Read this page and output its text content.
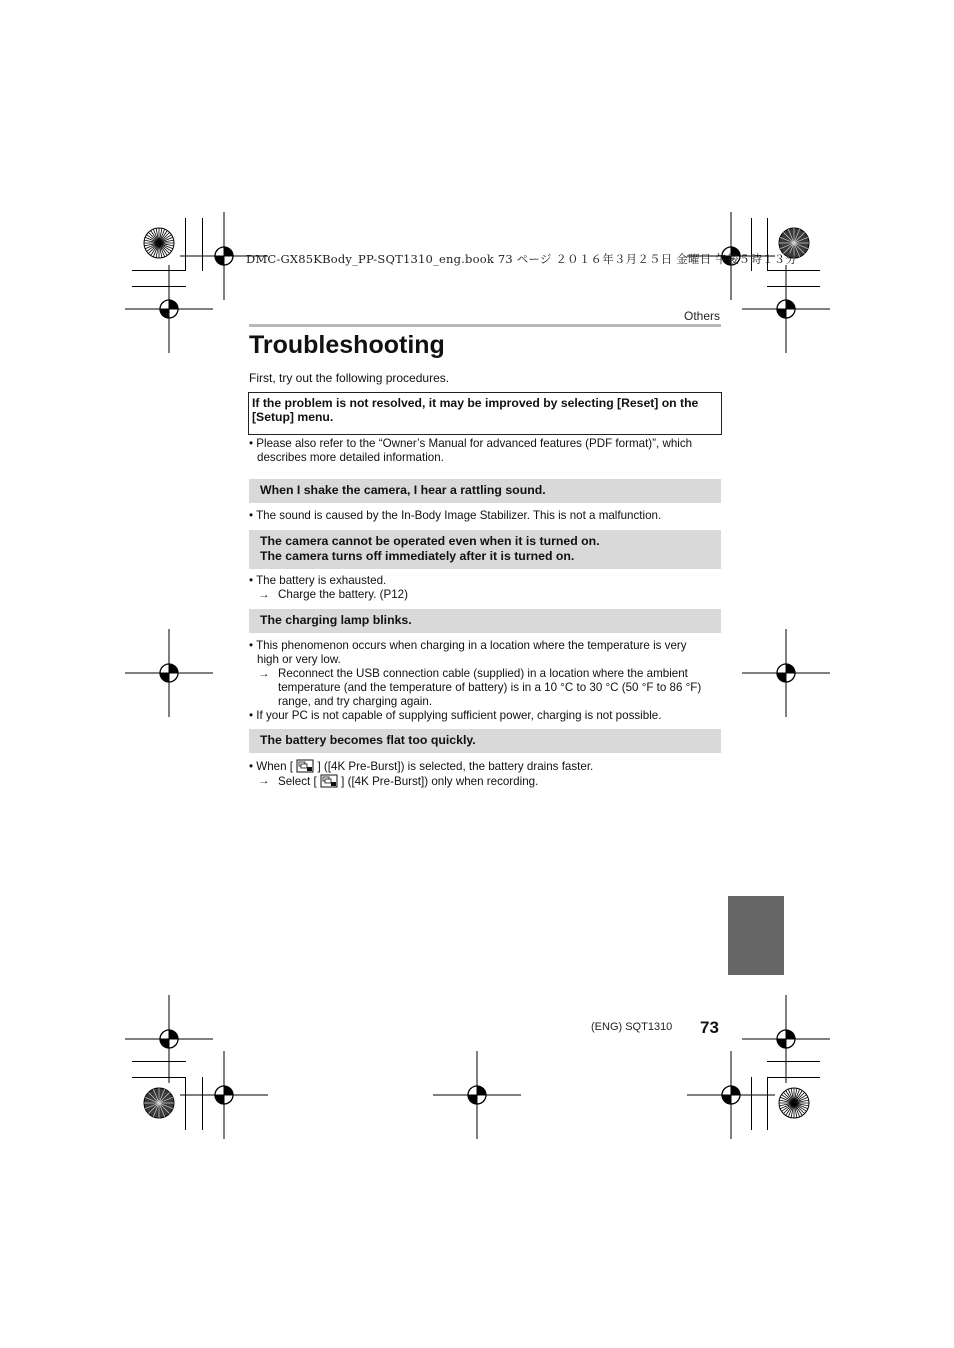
DMC-GX85KBody_PP-SQT1310_eng.book 73 ページ ２０１６年３月２５日 金曜日 午後５時１３分
Others
Troubleshooting
First, try out the following procedures.
If the problem is not resolved, it may be improved by selecting [Reset] on the [Setup] menu.
• Please also refer to the “Owner’s Manual for advanced features (PDF format)”, which
describes more detailed information.
When I shake the camera, I hear a rattling sound.
• The sound is caused by the In-Body Image Stabilizer. This is not a malfunction.
The camera cannot be operated even when it is turned on.
The camera turns off immediately after it is turned on.
• The battery is exhausted.
→ Charge the battery. (P12)
The charging lamp blinks.
• This phenomenon occurs when charging in a location where the temperature is very
high or very low.
→ Reconnect the USB connection cable (supplied) in a location where the ambient
temperature (and the temperature of battery) is in a 10 °C to 30 °C (50 °F to 86 °F)
range, and try charging again.
• If your PC is not capable of supplying sufficient power, charging is not possible.
The battery becomes flat too quickly.
• When [ ] ([4K Pre-Burst]) is selected, the battery drains faster.
→ Select [ ] ([4K Pre-Burst]) only when recording.
(ENG) SQT1310 73
